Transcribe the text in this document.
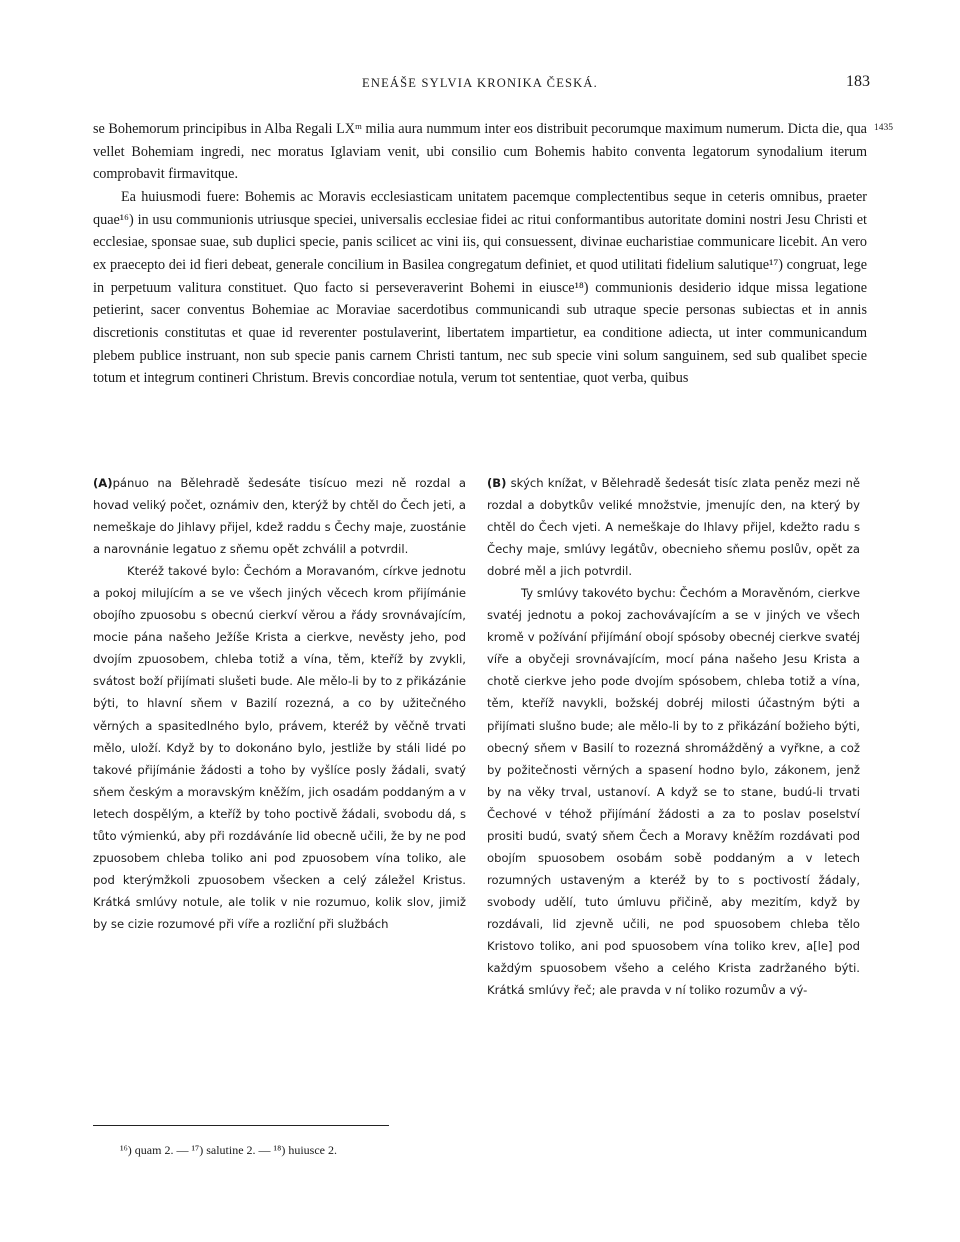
ENEÁŠE SYLVIA KRONIKA ČESKÁ.	183
1435

se Bohemorum principibus in Alba Regali LXᵐ milia aura nummum inter eos distribuit pecorumque maximum numerum. Dicta die, qua vellet Bohemiam ingredi, nec moratus Iglaviam venit, ubi consilio cum Bohemis habito conventa legatorum synodalium iterum comprobavit firmavitque.

Ea huiusmodi fuere: Bohemis ac Moravis ecclesiasticam unitatem pacemque complectentibus seque in ceteris omnibus, praeter quae¹⁶) in usu communionis utriusque speciei, universalis ecclesiae fidei ac ritui conformantibus autoritate domini nostri Jesu Christi et ecclesiae, sponsae suae, sub duplici specie, panis scilicet ac vini iis, qui consuessent, divinae eucharistiae communicare licebit. An vero ex praecepto dei id fieri debeat, generale concilium in Basilea congregatum definiet, et quod utilitati fidelium salutique¹⁷) congruat, lege in perpetuum valitura constituet. Quo facto si perseveraverint Bohemi in eiusce¹⁸) communionis desiderio idque missa legatione petierint, sacer conventus Bohemiae ac Moraviae sacerdotibus communicandi sub utraque specie personas subiectas et in annis discretionis constitutas et quae id reverenter postulaverint, libertatem impartietur, ea conditione adiecta, ut inter communicandum plebem publice instruant, non sub specie panis carnem Christi tantum, nec sub specie vini solum sanguinem, sed sub qualibet specie totum et integrum contineri Christum. Brevis concordiae notula, verum tot sententiae, quot verba, quibus

(A)pánuo na Bělehradě šedesáte tisícuo mezi ně rozdal a hovad veliký počet, oznámiv den, kterýž by chtěl do Čech jeti, a nemeškaje do Jihlavy přijel, kdež raddu s Čechy maje, zuostánie a narovnánie legatuo z sňemu opět zchválil a potvrdil.

Kteréž takové bylo: Čechóm a Moravanóm, církve jednotu a pokoj milujícím a se ve všech jiných věcech krom přijímánie obojího zpuosobu s obecnú cierkví věrou a řády srovnávajícím, mocie pána našeho Ježíše Krista a cierkve, nevěsty jeho, pod dvojím zpuosobem, chleba totiž a vína, těm, kteříž by zvykli, svátost boží přijímati slušeti bude. Ale mělo-li by to z přikázánie býti, to hlavní sňem v Bazilí rozezná, a co by užitečného věrných a spasitedlného bylo, právem, kteréž by věčně trvati mělo, uloží. Když by to dokonáno bylo, jestliže by stáli lidé po takové přijímánie žádosti a toho by vyšlíce posly žádali, svatý sňem českým a moravským kněžím, jich osadám poddaným a v letech dospělým, a kteříž by toho poctivě žádali, svobodu dá, s tůto výmienkú, aby při rozdáváníe lid obecně učili, že by ne pod zpuosobem chleba toliko ani pod zpuosobem vína toliko, ale pod kterýmžkoli zpuosobem všecken a celý záležel Kristus. Krátká smlúvy notule, ale tolik v nie rozumuo, kolik slov, jimiž by se cizie rozumové při víře a rozliční při službách

(B) ských knížat, v Bělehradě šedesát tisíc zlata peněz mezi ně rozdal a dobytkův veliké množstvie, jmenujíc den, na který by chtěl do Čech vjeti. A nemeškaje do Ihlavy přijel, kdežto radu s Čechy maje, smlúvy legátův, obecnieho sňemu poslův, opět za dobré měl a jich potvrdil.

Ty smlúvy takovéto bychu: Čechóm a Moravěnóm, cierkve svatéj jednotu a pokoj zachovávajícím a se v jiných ve všech kromě v požívání přijímání obojí spósoby obecnéj cierkve svatéj víře a obyčeji srovnávajícím, mocí pána našeho Jesu Krista a chotě cierkve jeho pode dvojím spósobem, chleba totiž a vína, těm, kteříž navykli, božskéj dobréj milosti účastným býti a přijímati slušno bude; ale mělo-li by to z přikázání božieho býti, obecný sňem v Basilí to rozezná shromážděný a vyřkne, a což by požitečnosti věrných a spasení hodno bylo, zákonem, jenž by na věky trval, ustanoví. A když se to stane, budú-li trvati Čechové v téhož přijímání žádosti a za to poslav poselství prositi budú, svatý sňem Čech a Moravy kněžím rozdávati pod obojím spuosobem osobám sobě poddaným a v letech rozumných ustaveným a kteréž by to s poctivostí žádaly, svobody udělí, tuto úmluvu přičině, aby mezitím, když by rozdávali, lid zjevně učili, ne pod spuosobem chleba tělo Kristovo toliko, ani pod spuosobem vína toliko krev, a[le] pod každým spuosobem všeho a celého Krista zadržaného býti. Krátká smlúvy řeč; ale pravda v ní toliko rozumův a vý-

¹⁶) quam 2. — ¹⁷) salutine 2. — ¹⁸) huiusce 2.
